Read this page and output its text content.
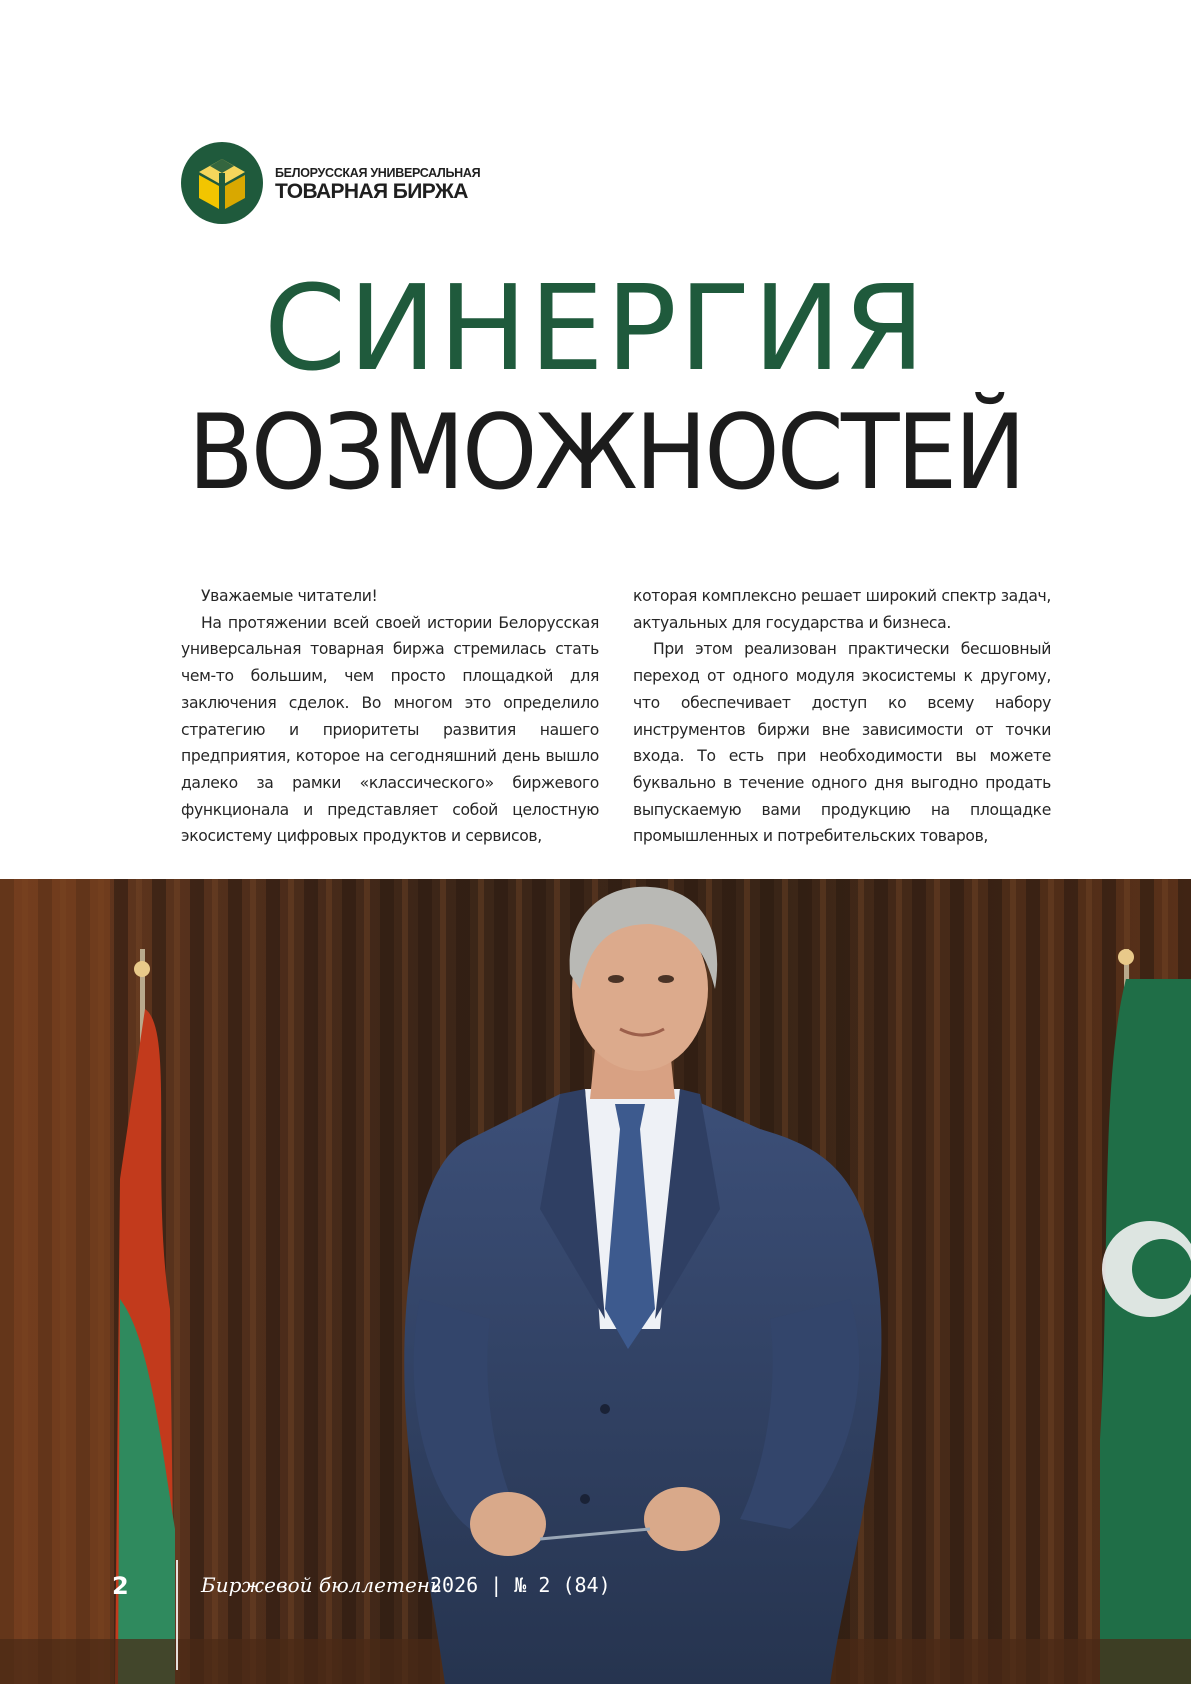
БЕЛОРУССКАЯ УНИВЕРСАЛЬНАЯ
ТОВАРНАЯ БИРЖА
СИНЕРГИЯ
ВОЗМОЖНОСТЕЙ

Уважаемые читатели!

На протяжении всей своей истории Белорусская универсальная товарная биржа стремилась стать чем-то большим, чем просто площадкой для заключения сделок. Во многом это определило стратегию и приоритеты развития нашего предприятия, которое на сегодняшний день вышло далеко за рамки «классического» биржевого функционала и представляет собой целостную экосистему цифровых продуктов и сервисов,

которая комплексно решает широкий спектр задач, актуальных для государства и бизнеса.

При этом реализован практически бесшовный переход от одного модуля экосистемы к другому, что обеспечивает доступ ко всему набору инструментов биржи вне зависимости от точки входа. То есть при необходимости вы можете буквально в течение одного дня выгодно продать выпускаемую вами продукцию на площадке промышленных и потребительских товаров,

2	Биржевой бюллетень
2026 | № 2 (84)
